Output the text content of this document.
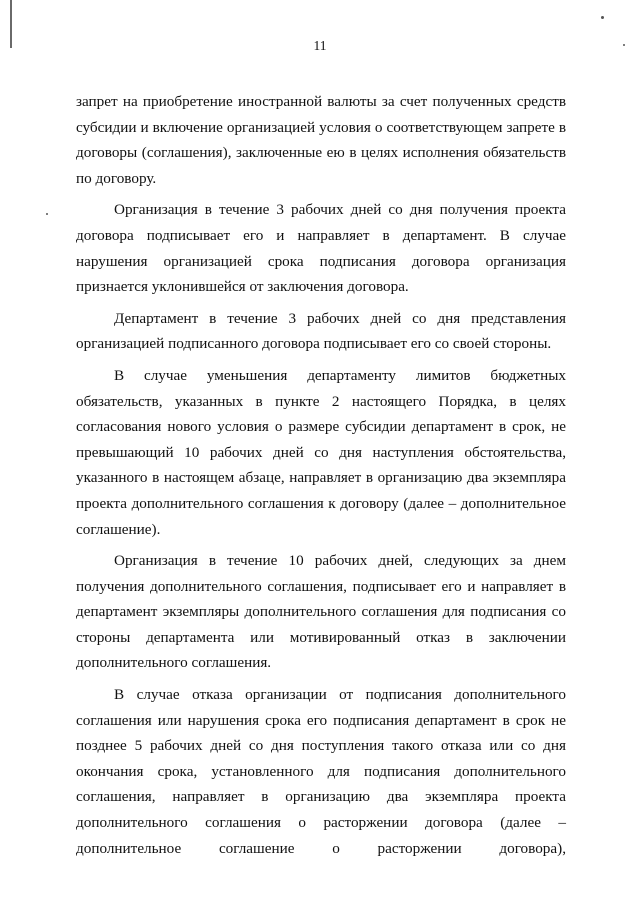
11

запрет на приобретение иностранной валюты за счет полученных средств субсидии и включение организацией условия о соответствующем запрете в договоры (соглашения), заключенные ею в целях исполнения обязательств по договору.

Организация в течение 3 рабочих дней со дня получения проекта договора подписывает его и направляет в департамент. В случае нарушения организацией срока подписания договора организация признается уклонившейся от заключения договора.

Департамент в течение 3 рабочих дней со дня представления организацией подписанного договора подписывает его со своей стороны.

В случае уменьшения департаменту лимитов бюджетных обязательств, указанных в пункте 2 настоящего Порядка, в целях согласования нового условия о размере субсидии департамент в срок, не превышающий 10 рабочих дней со дня наступления обстоятельства, указанного в настоящем абзаце, направляет в организацию два экземпляра проекта дополнительного соглашения к договору (далее – дополнительное соглашение).

Организация в течение 10 рабочих дней, следующих за днем получения дополнительного соглашения, подписывает его и направляет в департамент экземпляры дополнительного соглашения для подписания со стороны департамента или мотивированный отказ в заключении дополнительного соглашения.

В случае отказа организации от подписания дополнительного соглашения или нарушения срока его подписания департамент в срок не позднее 5 рабочих дней со дня поступления такого отказа или со дня окончания срока, установленного для подписания дополнительного соглашения, направляет в организацию два экземпляра проекта дополнительного соглашения о расторжении договора (далее – дополнительное соглашение о расторжении договора),
